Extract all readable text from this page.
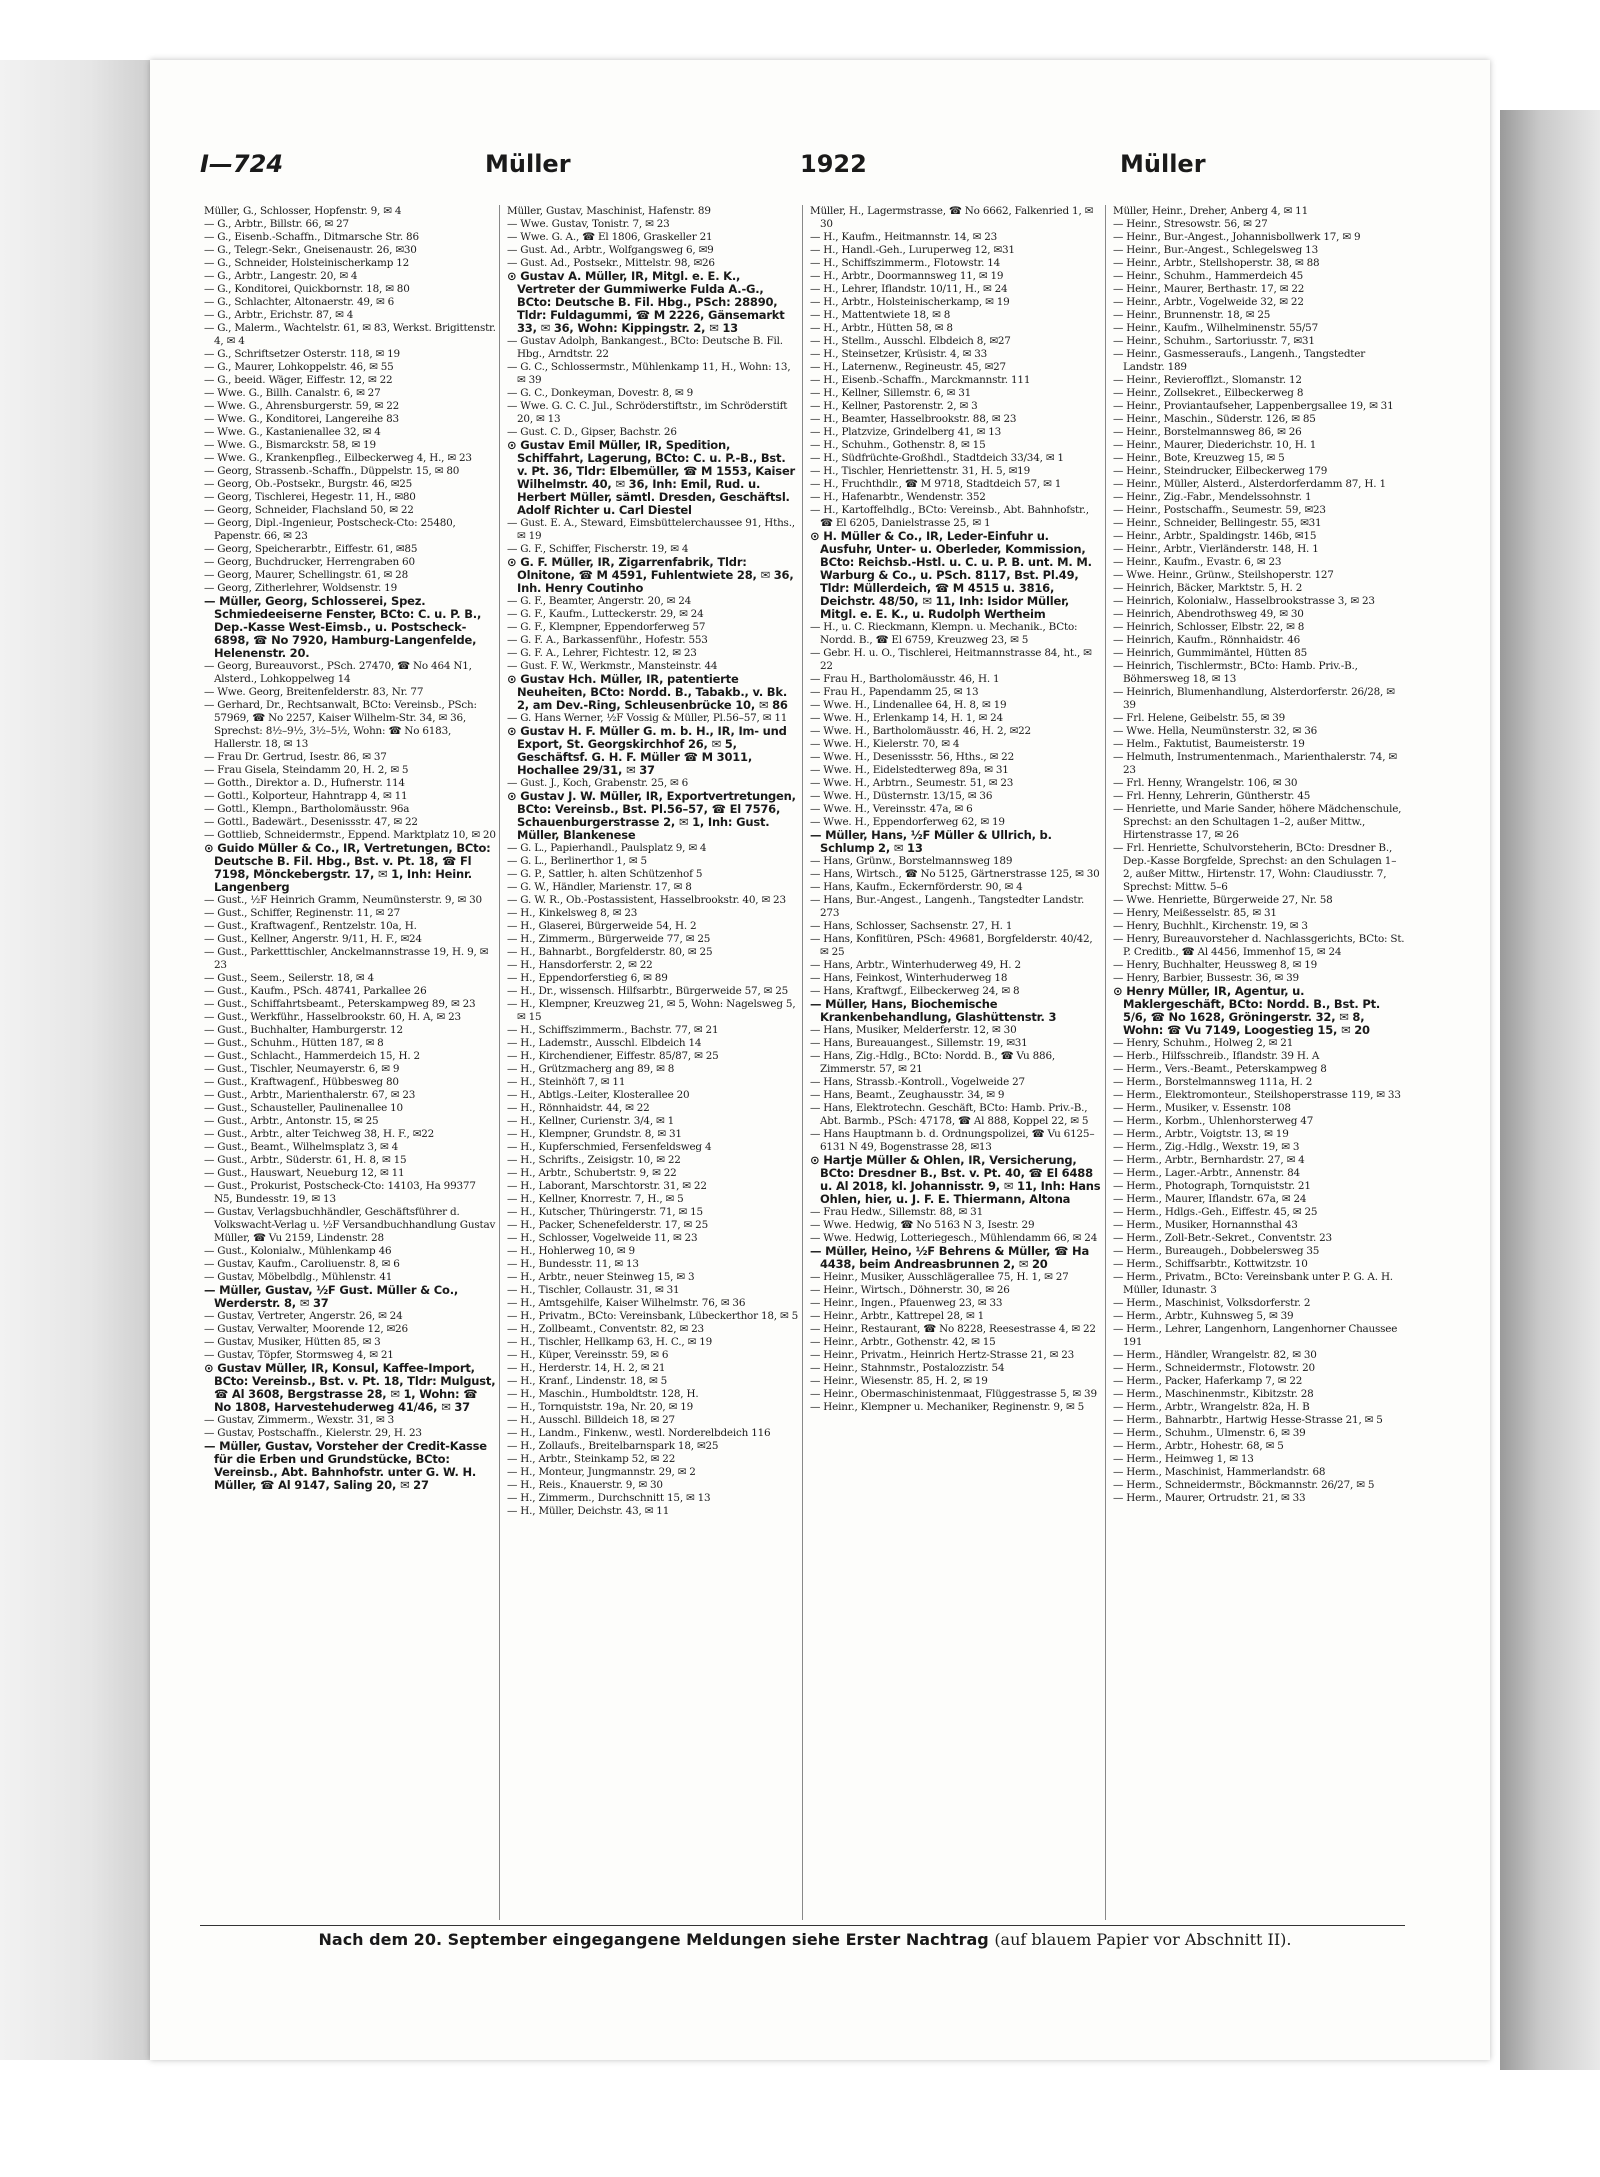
I—724	Müller	1922	Müller

Müller, G., Schlosser, Hopfenstr. 9, ✉ 4

— G., Arbtr., Billstr. 66, ✉ 27

— G., Eisenb.-Schaffn., Ditmarsche Str. 86

— G., Telegr.-Sekr., Gneisenaustr. 26, ✉30

— G., Schneider, Holsteinischerkamp 12

— G., Arbtr., Langestr. 20, ✉ 4

— G., Konditorei, Quickbornstr. 18, ✉ 80

— G., Schlachter, Altonaerstr. 49, ✉ 6

— G., Arbtr., Erichstr. 87, ✉ 4

— G., Malerm., Wachtelstr. 61, ✉ 83, Werkst. Brigittenstr. 4, ✉ 4

— G., Schriftsetzer Osterstr. 118, ✉ 19

— G., Maurer, Lohkoppelstr. 46, ✉ 55

— G., beeid. Wäger, Eiffestr. 12, ✉ 22

— Wwe. G., Billh. Canalstr. 6, ✉ 27

— Wwe. G., Ahrensburgerstr. 59, ✉ 22

— Wwe. G., Konditorei, Langereihe 83

— Wwe. G., Kastanienallee 32, ✉ 4

— Wwe. G., Bismarckstr. 58, ✉ 19

— Wwe. G., Krankenpfleg., Eilbeckerweg 4, H., ✉ 23

— Georg, Strassenb.-Schaffn., Düppelstr. 15, ✉ 80

— Georg, Ob.-Postsekr., Burgstr. 46, ✉25

— Georg, Tischlerei, Hegestr. 11, H., ✉80

— Georg, Schneider, Flachsland 50, ✉ 22

— Georg, Dipl.-Ingenieur, Postscheck-Cto: 25480, Papenstr. 66, ✉ 23

— Georg, Speicherarbtr., Eiffestr. 61, ✉85

— Georg, Buchdrucker, Herrengraben 60

— Georg, Maurer, Schellingstr. 61, ✉ 28

— Georg, Zitherlehrer, Woldsenstr. 19

— Müller, Georg, Schlosserei, Spez. Schmiedeeiserne Fenster, BCto: C. u. P. B., Dep.-Kasse West-Eimsb., u. Postscheck-6898, ☎ No 7920, Hamburg-Langenfelde, Helenenstr. 20.

— Georg, Bureauvorst., PSch. 27470, ☎ No 464 N1, Alsterd., Lohkoppelweg 14

— Wwe. Georg, Breitenfelderstr. 83, Nr. 77

— Gerhard, Dr., Rechtsanwalt, BCto: Vereinsb., PSch: 57969, ☎ No 2257, Kaiser Wilhelm-Str. 34, ✉ 36, Sprechst: 8½–9½, 3½–5½, Wohn: ☎ No 6183, Hallerstr. 18, ✉ 13

— Frau Dr. Gertrud, Isestr. 86, ✉ 37

— Frau Gisela, Steindamm 20, H. 2, ✉ 5

— Gotth., Direktor a. D., Hufnerstr. 114

— Gottl., Kolporteur, Hahntrapp 4, ✉ 11

— Gottl., Klempn., Bartholomäusstr. 96a

— Gottl., Badewärt., Desenissstr. 47, ✉ 22

— Gottlieb, Schneidermstr., Eppend. Marktplatz 10, ✉ 20

⊙ Guido Müller & Co., IR, Vertretungen, BCto: Deutsche B. Fil. Hbg., Bst. v. Pt. 18, ☎ Fl 7198, Mönckebergstr. 17, ✉ 1, Inh: Heinr. Langenberg

— Gust., ½F Heinrich Gramm, Neumünsterstr. 9, ✉ 30

— Gust., Schiffer, Reginenstr. 11, ✉ 27

— Gust., Kraftwagenf., Rentzelstr. 10a, H.

— Gust., Kellner, Angerstr. 9/11, H. F., ✉24

— Gust., Parketttischler, Anckelmannstrasse 19, H. 9, ✉ 23

— Gust., Seem., Seilerstr. 18, ✉ 4

— Gust., Kaufm., PSch. 48741, Parkallee 26

— Gust., Schiffahrtsbeamt., Peterskampweg 89, ✉ 23

— Gust., Werkführ., Hasselbrookstr. 60, H. A, ✉ 23

— Gust., Buchhalter, Hamburgerstr. 12

— Gust., Schuhm., Hütten 187, ✉ 8

— Gust., Schlacht., Hammerdeich 15, H. 2

— Gust., Tischler, Neumayerstr. 6, ✉ 9

— Gust., Kraftwagenf., Hübbesweg 80

— Gust., Arbtr., Marienthalerstr. 67, ✉ 23

— Gust., Schausteller, Paulinenallee 10

— Gust., Arbtr., Antonstr. 15, ✉ 25

— Gust., Arbtr., alter Teichweg 38, H. F., ✉22

— Gust., Beamt., Wilhelmsplatz 3, ✉ 4

— Gust., Arbtr., Süderstr. 61, H. 8, ✉ 15

— Gust., Hauswart, Neueburg 12, ✉ 11

— Gust., Prokurist, Postscheck-Cto: 14103, Ha 99377 N5, Bundesstr. 19, ✉ 13

— Gustav, Verlagsbuchhändler, Geschäftsführer d. Volkswacht-Verlag u. ½F Versandbuchhandlung Gustav Müller, ☎ Vu 2159, Lindenstr. 28

— Gust., Kolonialw., Mühlenkamp 46

— Gustav, Kaufm., Caroliuenstr. 8, ✉ 6

— Gustav, Möbelbdlg., Mühlenstr. 41

— Müller, Gustav, ½F Gust. Müller & Co., Werderstr. 8, ✉ 37

— Gustav, Vertreter, Angerstr. 26, ✉ 24

— Gustav, Verwalter, Moorende 12, ✉26

— Gustav, Musiker, Hütten 85, ✉ 3

— Gustav, Töpfer, Stormsweg 4, ✉ 21

⊙ Gustav Müller, IR, Konsul, Kaffee-Import, BCto: Vereinsb., Bst. v. Pt. 18, Tldr: Mulgust, ☎ Al 3608, Bergstrasse 28, ✉ 1, Wohn: ☎ No 1808, Harvestehuderweg 41/46, ✉ 37

— Gustav, Zimmerm., Wexstr. 31, ✉ 3

— Gustav, Postschaffn., Kielerstr. 29, H. 23

— Müller, Gustav, Vorsteher der Credit-Kasse für die Erben und Grundstücke, BCto: Vereinsb., Abt. Bahnhofstr. unter G. W. H. Müller, ☎ Al 9147, Saling 20, ✉ 27

Müller, Gustav, Maschinist, Hafenstr. 89

— Wwe. Gustav, Tonistr. 7, ✉ 23

— Wwe. G. A., ☎ El 1806, Graskeller 21

— Gust. Ad., Arbtr., Wolfgangsweg 6, ✉9

— Gust. Ad., Postsekr., Mittelstr. 98, ✉26

⊙ Gustav A. Müller, IR, Mitgl. e. E. K., Vertreter der Gummiwerke Fulda A.-G., BCto: Deutsche B. Fil. Hbg., PSch: 28890, Tldr: Fuldagummi, ☎ M 2226, Gänsemarkt 33, ✉ 36, Wohn: Kippingstr. 2, ✉ 13

— Gustav Adolph, Bankangest., BCto: Deutsche B. Fil. Hbg., Arndtstr. 22

— G. C., Schlossermstr., Mühlenkamp 11, H., Wohn: 13, ✉ 39

— G. C., Donkeyman, Dovestr. 8, ✉ 9

— Wwe. G. C. C. Jul., Schröderstiftstr., im Schröderstift 20, ✉ 13

— Gust. C. D., Gipser, Bachstr. 26

⊙ Gustav Emil Müller, IR, Spedition, Schiffahrt, Lagerung, BCto: C. u. P.-B., Bst. v. Pt. 36, Tldr: Elbemüller, ☎ M 1553, Kaiser Wilhelmstr. 40, ✉ 36, Inh: Emil, Rud. u. Herbert Müller, sämtl. Dresden, Geschäftsl. Adolf Richter u. Carl Diestel

— Gust. E. A., Steward, Eimsbüttelerchaussee 91, Hths., ✉ 19

— G. F., Schiffer, Fischerstr. 19, ✉ 4

⊙ G. F. Müller, IR, Zigarrenfabrik, Tldr: Olnitone, ☎ M 4591, Fuhlentwiete 28, ✉ 36, Inh. Henry Coutinho

— G. F., Beamter, Angerstr. 20, ✉ 24

— G. F., Kaufm., Lutteckerstr. 29, ✉ 24

— G. F., Klempner, Eppendorferweg 57

— G. F. A., Barkassenführ., Hofestr. 553

— G. F. A., Lehrer, Fichtestr. 12, ✉ 23

— Gust. F. W., Werkmstr., Mansteinstr. 44

⊙ Gustav Hch. Müller, IR, patentierte Neuheiten, BCto: Nordd. B., Tabakb., v. Bk. 2, am Dev.-Ring, Schleusenbrücke 10, ✉ 86

— G. Hans Werner, ½F Vossig & Müller, Pl.56–57, ✉ 11

⊙ Gustav H. F. Müller G. m. b. H., IR, Im- und Export, St. Georgskirchhof 26, ✉ 5, Geschäftsf. G. H. F. Müller ☎ M 3011, Hochallee 29/31, ✉ 37

— Gust. J., Koch, Grabenstr. 25, ✉ 6

⊙ Gustav J. W. Müller, IR, Exportvertretungen, BCto: Vereinsb., Bst. Pl.56–57, ☎ El 7576, Schauenburgerstrasse 2, ✉ 1, Inh: Gust. Müller, Blankenese

— G. L., Papierhandl., Paulsplatz 9, ✉ 4

— G. L., Berlinerthor 1, ✉ 5

— G. P., Sattler, h. alten Schützenhof 5

— G. W., Händler, Marienstr. 17, ✉ 8

— G. W. R., Ob.-Postassistent, Hasselbrookstr. 40, ✉ 23

— H., Kinkelsweg 8, ✉ 23

— H., Glaserei, Bürgerweide 54, H. 2

— H., Zimmerm., Bürgerweide 77, ✉ 25

— H., Bahnarbt., Borgfelderstr. 80, ✉ 25

— H., Hansdorferstr. 2, ✉ 22

— H., Eppendorferstieg 6, ✉ 89

— H., Dr., wissensch. Hilfsarbtr., Bürgerweide 57, ✉ 25

— H., Klempner, Kreuzweg 21, ✉ 5, Wohn: Nagelsweg 5, ✉ 15

— H., Schiffszimmerm., Bachstr. 77, ✉ 21

— H., Lademstr., Ausschl. Elbdeich 14

— H., Kirchendiener, Eiffestr. 85/87, ✉ 25

— H., Grützmacherg ang 89, ✉ 8

— H., Steinhöft 7, ✉ 11

— H., Abtlgs.-Leiter, Klosterallee 20

— H., Rönnhaidstr. 44, ✉ 22

— H., Kellner, Curienstr. 3/4, ✉ 1

— H., Klempner, Grundstr. 8, ✉ 31

— H., Kupferschmied, Fersenfeldsweg 4

— H., Schrifts., Zeisigstr. 10, ✉ 22

— H., Arbtr., Schubertstr. 9, ✉ 22

— H., Laborant, Marschtorstr. 31, ✉ 22

— H., Kellner, Knorrestr. 7, H., ✉ 5

— H., Kutscher, Thüringerstr. 71, ✉ 15

— H., Packer, Schenefelderstr. 17, ✉ 25

— H., Schlosser, Vogelweide 11, ✉ 23

— H., Hohlerweg 10, ✉ 9

— H., Bundesstr. 11, ✉ 13

— H., Arbtr., neuer Steinweg 15, ✉ 3

— H., Tischler, Collaustr. 31, ✉ 31

— H., Amtsgehilfe, Kaiser Wilhelmstr. 76, ✉ 36

— H., Privatm., BCto: Vereinsbank, Lübeckerthor 18, ✉ 5

— H., Zollbeamt., Conventstr. 82, ✉ 23

— H., Tischler, Hellkamp 63, H. C., ✉ 19

— H., Küper, Vereinsstr. 59, ✉ 6

— H., Herderstr. 14, H. 2, ✉ 21

— H., Kranf., Lindenstr. 18, ✉ 5

— H., Maschin., Humboldtstr. 128, H.

— H., Tornquiststr. 19a, Nr. 20, ✉ 19

— H., Ausschl. Billdeich 18, ✉ 27

— H., Landm., Finkenw., westl. Norderelbdeich 116

— H., Zollaufs., Breitelbarnspark 18, ✉25

— H., Arbtr., Steinkamp 52, ✉ 22

— H., Monteur, Jungmannstr. 29, ✉ 2

— H., Reis., Knauerstr. 9, ✉ 30

— H., Zimmerm., Durchschnitt 15, ✉ 13

— H., Müller, Deichstr. 43, ✉ 11

Müller, H., Lagermstrasse, ☎ No 6662, Falkenried 1, ✉ 30

— H., Kaufm., Heitmannstr. 14, ✉ 23

— H., Handl.-Geh., Luruperweg 12, ✉31

— H., Schiffszimmerm., Flotowstr. 14

— H., Arbtr., Doormannsweg 11, ✉ 19

— H., Lehrer, Iflandstr. 10/11, H., ✉ 24

— H., Arbtr., Holsteinischerkamp, ✉ 19

— H., Mattentwiete 18, ✉ 8

— H., Arbtr., Hütten 58, ✉ 8

— H., Stellm., Ausschl. Elbdeich 8, ✉27

— H., Steinsetzer, Krüsistr. 4, ✉ 33

— H., Laternenw., Regineustr. 45, ✉27

— H., Eisenb.-Schaffn., Marckmannstr. 111

— H., Kellner, Sillemstr. 6, ✉ 31

— H., Kellner, Pastorenstr. 2, ✉ 3

— H., Beamter, Hasselbrookstr. 88, ✉ 23

— H., Platzvize, Grindelberg 41, ✉ 13

— H., Schuhm., Gothenstr. 8, ✉ 15

— H., Südfrüchte-Großhdl., Stadtdeich 33/34, ✉ 1

— H., Tischler, Henriettenstr. 31, H. 5, ✉19

— H., Fruchthdlr., ☎ M 9718, Stadtdeich 57, ✉ 1

— H., Hafenarbtr., Wendenstr. 352

— H., Kartoffelhdlg., BCto: Vereinsb., Abt. Bahnhofstr., ☎ El 6205, Danielstrasse 25, ✉ 1

⊙ H. Müller & Co., IR, Leder-Einfuhr u. Ausfuhr, Unter- u. Oberleder, Kommission, BCto: Reichsb.-Hstl. u. C. u. P. B. unt. M. M. Warburg & Co., u. PSch. 8117, Bst. Pl.49, Tldr: Müllerdeich, ☎ M 4515 u. 3816, Deichstr. 48/50, ✉ 11, Inh: Isidor Müller, Mitgl. e. E. K., u. Rudolph Wertheim

— H., u. C. Rieckmann, Klempn. u. Mechanik., BCto: Nordd. B., ☎ El 6759, Kreuzweg 23, ✉ 5

— Gebr. H. u. O., Tischlerei, Heitmannstrasse 84, ht., ✉ 22

— Frau H., Bartholomäusstr. 46, H. 1

— Frau H., Papendamm 25, ✉ 13

— Wwe. H., Lindenallee 64, H. 8, ✉ 19

— Wwe. H., Erlenkamp 14, H. 1, ✉ 24

— Wwe. H., Bartholomäusstr. 46, H. 2, ✉22

— Wwe. H., Kielerstr. 70, ✉ 4

— Wwe. H., Desenissstr. 56, Hths., ✉ 22

— Wwe. H., Eidelstedterweg 89a, ✉ 31

— Wwe. H., Arbtrn., Seumestr. 51, ✉ 23

— Wwe. H., Düsternstr. 13/15, ✉ 36

— Wwe. H., Vereinsstr. 47a, ✉ 6

— Wwe. H., Eppendorferweg 62, ✉ 19

— Müller, Hans, ½F Müller & Ullrich, b. Schlump 2, ✉ 13

— Hans, Grünw., Borstelmannsweg 189

— Hans, Wirtsch., ☎ No 5125, Gärtnerstrasse 125, ✉ 30

— Hans, Kaufm., Eckernförderstr. 90, ✉ 4

— Hans, Bur.-Angest., Langenh., Tangstedter Landstr. 273

— Hans, Schlosser, Sachsenstr. 27, H. 1

— Hans, Konfitüren, PSch: 49681, Borgfelderstr. 40/42, ✉ 25

— Hans, Arbtr., Winterhuderweg 49, H. 2

— Hans, Feinkost, Winterhuderweg 18

— Hans, Kraftwgf., Eilbeckerweg 24, ✉ 8

— Müller, Hans, Biochemische Krankenbehandlung, Glashüttenstr. 3

— Hans, Musiker, Melderferstr. 12, ✉ 30

— Hans, Bureauangest., Sillemstr. 19, ✉31

— Hans, Zig.-Hdlg., BCto: Nordd. B., ☎ Vu 886, Zimmerstr. 57, ✉ 21

— Hans, Strassb.-Kontroll., Vogelweide 27

— Hans, Beamt., Zeughausstr. 34, ✉ 9

— Hans, Elektrotechn. Geschäft, BCto: Hamb. Priv.-B., Abt. Barmb., PSch: 47178, ☎ Al 888, Koppel 22, ✉ 5

— Hans Hauptmann b. d. Ordnungspolizei, ☎ Vu 6125–6131 N 49, Bogenstrasse 28, ✉13

⊙ Hartje Müller & Ohlen, IR, Versicherung, BCto: Dresdner B., Bst. v. Pt. 40, ☎ El 6488 u. Al 2018, kl. Johannisstr. 9, ✉ 11, Inh: Hans Ohlen, hier, u. J. F. E. Thiermann, Altona

— Frau Hedw., Sillemstr. 88, ✉ 31

— Wwe. Hedwig, ☎ No 5163 N 3, Isestr. 29

— Wwe. Hedwig, Lotteriegesch., Mühlendamm 66, ✉ 24

— Müller, Heino, ½F Behrens & Müller, ☎ Ha 4438, beim Andreasbrunnen 2, ✉ 20

— Heinr., Musiker, Ausschlägerallee 75, H. 1, ✉ 27

— Heinr., Wirtsch., Döhnerstr. 30, ✉ 26

— Heinr., Ingen., Pfauenweg 23, ✉ 33

— Heinr., Arbtr., Kattrepel 28, ✉ 1

— Heinr., Restaurant, ☎ No 8228, Reesestrasse 4, ✉ 22

— Heinr., Arbtr., Gothenstr. 42, ✉ 15

— Heinr., Privatm., Heinrich Hertz-Strasse 21, ✉ 23

— Heinr., Stahnmstr., Postalozzistr. 54

— Heinr., Wiesenstr. 85, H. 2, ✉ 19

— Heinr., Obermaschinistenmaat, Flüggestrasse 5, ✉ 39

— Heinr., Klempner u. Mechaniker, Reginenstr. 9, ✉ 5

Müller, Heinr., Dreher, Anberg 4, ✉ 11

— Heinr., Stresowstr. 56, ✉ 27

— Heinr., Bur.-Angest., Johannisbollwerk 17, ✉ 9

— Heinr., Bur.-Angest., Schlegelsweg 13

— Heinr., Arbtr., Stellshoperstr. 38, ✉ 88

— Heinr., Schuhm., Hammerdeich 45

— Heinr., Maurer, Berthastr. 17, ✉ 22

— Heinr., Arbtr., Vogelweide 32, ✉ 22

— Heinr., Brunnenstr. 18, ✉ 25

— Heinr., Kaufm., Wilhelminenstr. 55/57

— Heinr., Schuhm., Sartoriusstr. 7, ✉31

— Heinr., Gasmesseraufs., Langenh., Tangstedter Landstr. 189

— Heinr., Revierofflzt., Slomanstr. 12

— Heinr., Zollsekret., Eilbeckerweg 8

— Heinr., Proviantaufseher, Lappenbergsallee 19, ✉ 31

— Heinr., Maschin., Süderstr. 126, ✉ 85

— Heinr., Borstelmannsweg 86, ✉ 26

— Heinr., Maurer, Diederichstr. 10, H. 1

— Heinr., Bote, Kreuzweg 15, ✉ 5

— Heinr., Steindrucker, Eilbeckerweg 179

— Heinr., Müller, Alsterd., Alsterdorferdamm 87, H. 1

— Heinr., Zig.-Fabr., Mendelssohnstr. 1

— Heinr., Postschaffn., Seumestr. 59, ✉23

— Heinr., Schneider, Bellingestr. 55, ✉31

— Heinr., Arbtr., Spaldingstr. 146b, ✉15

— Heinr., Arbtr., Vierländerstr. 148, H. 1

— Heinr., Kaufm., Evastr. 6, ✉ 23

— Wwe. Heinr., Grünw., Steilshoperstr. 127

— Heinrich, Bäcker, Marktstr. 5, H. 2

— Heinrich, Kolonialw., Hasselbrookstrasse 3, ✉ 23

— Heinrich, Abendrothsweg 49, ✉ 30

— Heinrich, Schlosser, Elbstr. 22, ✉ 8

— Heinrich, Kaufm., Rönnhaidstr. 46

— Heinrich, Gummimäntel, Hütten 85

— Heinrich, Tischlermstr., BCto: Hamb. Priv.-B., Böhmersweg 18, ✉ 13

— Heinrich, Blumenhandlung, Alsterdorferstr. 26/28, ✉ 39

— Frl. Helene, Geibelstr. 55, ✉ 39

— Wwe. Hella, Neumünsterstr. 32, ✉ 36

— Helm., Faktutist, Baumeisterstr. 19

— Helmuth, Instrumentenmach., Marienthalerstr. 74, ✉ 23

— Frl. Henny, Wrangelstr. 106, ✉ 30

— Frl. Henny, Lehrerin, Güntherstr. 45

— Henriette, und Marie Sander, höhere Mädchenschule, Sprechst: an den Schultagen 1–2, außer Mittw., Hirtenstrasse 17, ✉ 26

— Frl. Henriette, Schulvorsteherin, BCto: Dresdner B., Dep.-Kasse Borgfelde, Sprechst: an den Schulagen 1–2, außer Mittw., Hirtenstr. 17, Wohn: Claudiusstr. 7, Sprechst: Mittw. 5–6

— Wwe. Henriette, Bürgerweide 27, Nr. 58

— Henry, Meißesselstr. 85, ✉ 31

— Henry, Buchhlt., Kirchenstr. 19, ✉ 3

— Henry, Bureauvorsteher d. Nachlassgerichts, BCto: St. P. Creditb., ☎ Al 4456, Immenhof 15, ✉ 24

— Henry, Buchhalter, Heussweg 8, ✉ 19

— Henry, Barbier, Bussestr. 36, ✉ 39

⊙ Henry Müller, IR, Agentur, u. Maklergeschäft, BCto: Nordd. B., Bst. Pt. 5/6, ☎ No 1628, Gröningerstr. 32, ✉ 8, Wohn: ☎ Vu 7149, Loogestieg 15, ✉ 20

— Henry, Schuhm., Holweg 2, ✉ 21

— Herb., Hilfsschreib., Iflandstr. 39 H. A

— Herm., Vers.-Beamt., Peterskampweg 8

— Herm., Borstelmannsweg 111a, H. 2

— Herm., Elektromonteur., Steilshoperstrasse 119, ✉ 33

— Herm., Musiker, v. Essenstr. 108

— Herm., Korbm., Uhlenhorsterweg 47

— Herm., Arbtr., Voigtstr. 13, ✉ 19

— Herm., Zig.-Hdlg., Wexstr. 19, ✉ 3

— Herm., Arbtr., Bernhardstr. 27, ✉ 4

— Herm., Lager.-Arbtr., Annenstr. 84

— Herm., Photograph, Tornquiststr. 21

— Herm., Maurer, Iflandstr. 67a, ✉ 24

— Herm., Hdlgs.-Geh., Eiffestr. 45, ✉ 25

— Herm., Musiker, Hornannsthal 43

— Herm., Zoll-Betr.-Sekret., Conventstr. 23

— Herm., Bureaugeh., Dobbelersweg 35

— Herm., Schiffsarbtr., Kottwitzstr. 10

— Herm., Privatm., BCto: Vereinsbank unter P. G. A. H. Müller, Idunastr. 3

— Herm., Maschinist, Volksdorferstr. 2

— Herm., Arbtr., Kuhnsweg 5, ✉ 39

— Herm., Lehrer, Langenhorn, Langenhorner Chaussee 191

— Herm., Händler, Wrangelstr. 82, ✉ 30

— Herm., Schneidermstr., Flotowstr. 20

— Herm., Packer, Haferkamp 7, ✉ 22

— Herm., Maschinenmstr., Kibitzstr. 28

— Herm., Arbtr., Wrangelstr. 82a, H. B

— Herm., Bahnarbtr., Hartwig Hesse-Strasse 21, ✉ 5

— Herm., Schuhm., Ulmenstr. 6, ✉ 39

— Herm., Arbtr., Hohestr. 68, ✉ 5

— Herm., Heimweg 1, ✉ 13

— Herm., Maschinist, Hammerlandstr. 68

— Herm., Schneidermstr., Böckmannstr. 26/27, ✉ 5

— Herm., Maurer, Ortrudstr. 21, ✉ 33

Nach dem 20. September eingegangene Meldungen siehe Erster Nachtrag (auf blauem Papier vor Abschnitt II).
